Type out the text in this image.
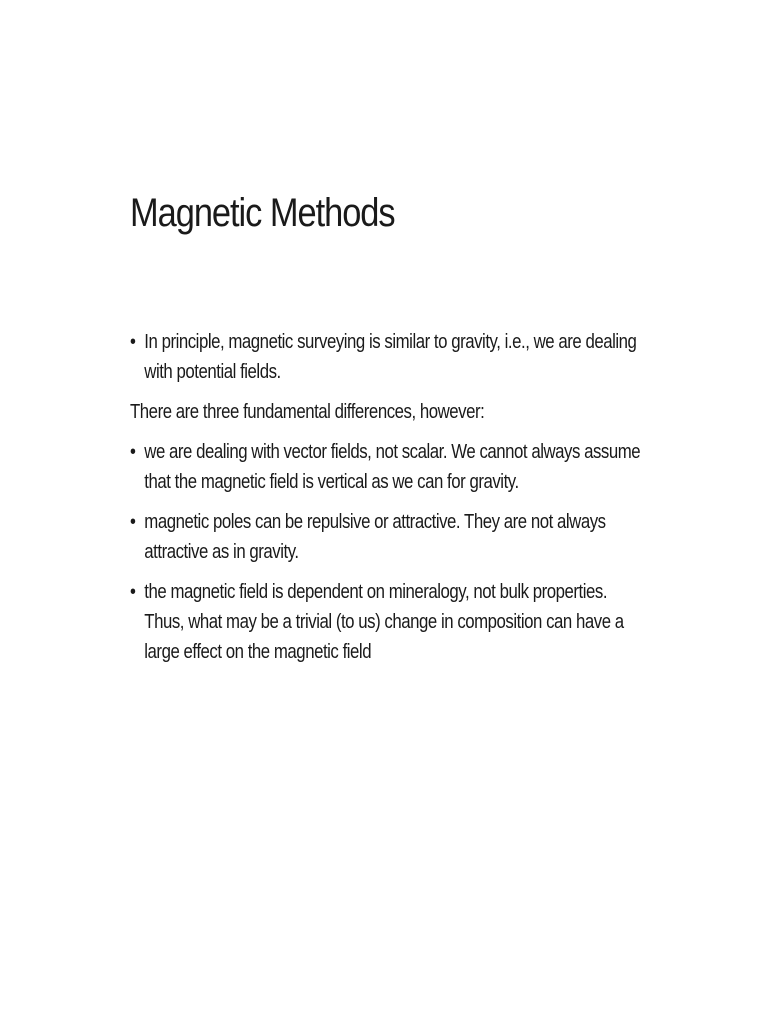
Magnetic Methods
• In principle, magnetic surveying is similar to gravity, i.e., we are dealing with potential fields.
There are three fundamental differences, however:
• we are dealing with vector fields, not scalar. We cannot always assume that the magnetic field is vertical as we can for gravity.
• magnetic poles can be repulsive or attractive. They are not always attractive as in gravity.
• the magnetic field is dependent on mineralogy, not bulk properties. Thus, what may be a trivial (to us) change in composition can have a large effect on the magnetic field
